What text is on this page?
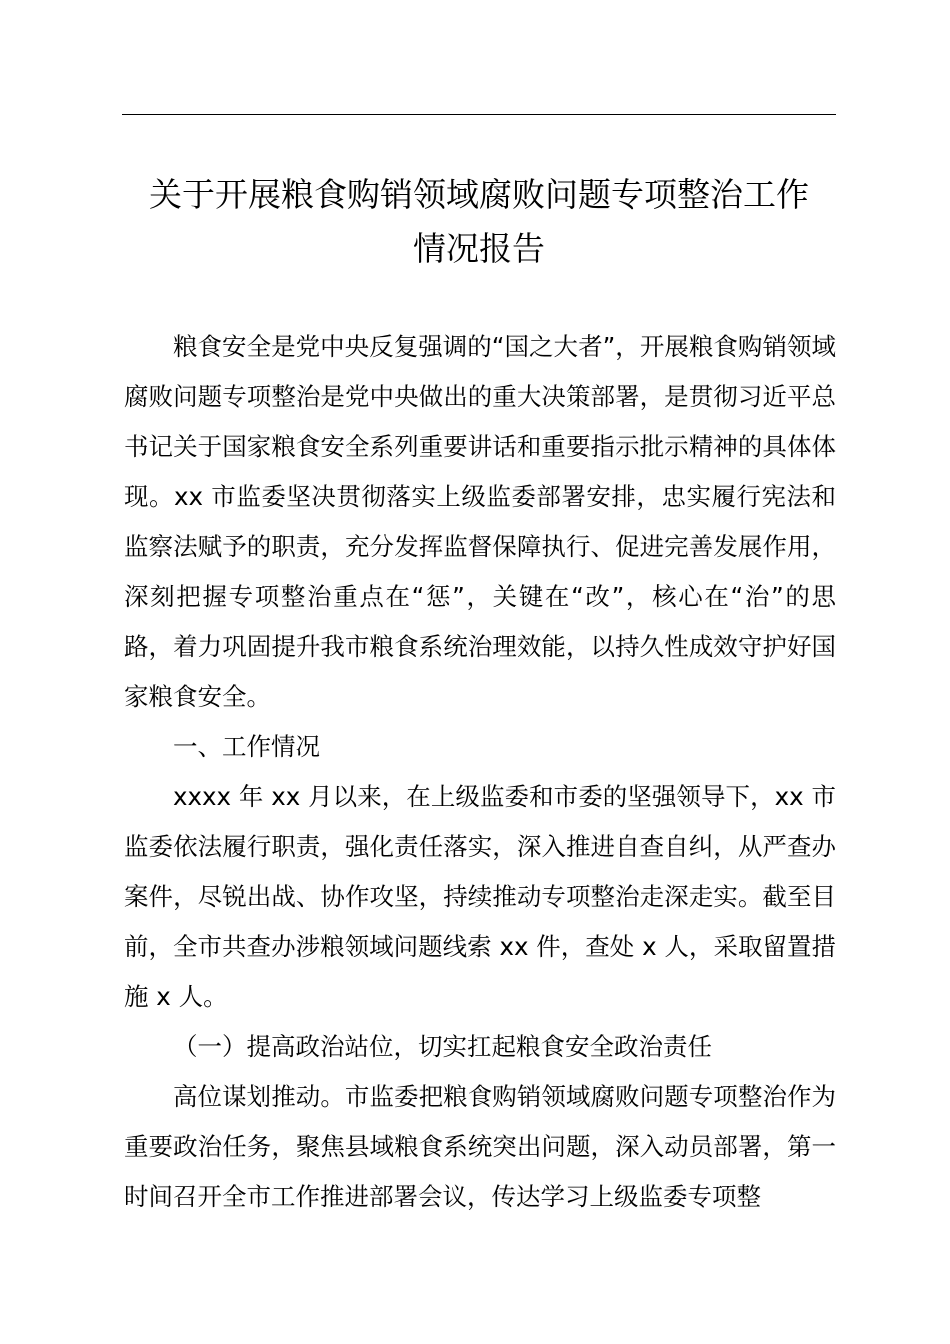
关于开展粮食购销领域腐败问题专项整治工作
情况报告

粮食安全是党中央反复强调的“国之大者”，开展粮食购销领域腐败问题专项整治是党中央做出的重大决策部署，是贯彻习近平总书记关于国家粮食安全系列重要讲话和重要指示批示精神的具体体现。xx 市监委坚决贯彻落实上级监委部署安排，忠实履行宪法和监察法赋予的职责，充分发挥监督保障执行、促进完善发展作用，深刻把握专项整治重点在“惩”，关键在“改”，核心在“治”的思路，着力巩固提升我市粮食系统治理效能，以持久性成效守护好国家粮食安全。

一、工作情况

xxxx 年 xx 月以来，在上级监委和市委的坚强领导下，xx 市监委依法履行职责，强化责任落实，深入推进自查自纠，从严查办案件，尽锐出战、协作攻坚，持续推动专项整治走深走实。截至目前，全市共查办涉粮领域问题线索 xx 件，查处 x 人，采取留置措施 x 人。

（一）提高政治站位，切实扛起粮食安全政治责任

高位谋划推动。市监委把粮食购销领域腐败问题专项整治作为重要政治任务，聚焦县域粮食系统突出问题，深入动员部署，第一时间召开全市工作推进部署会议，传达学习上级监委专项整
